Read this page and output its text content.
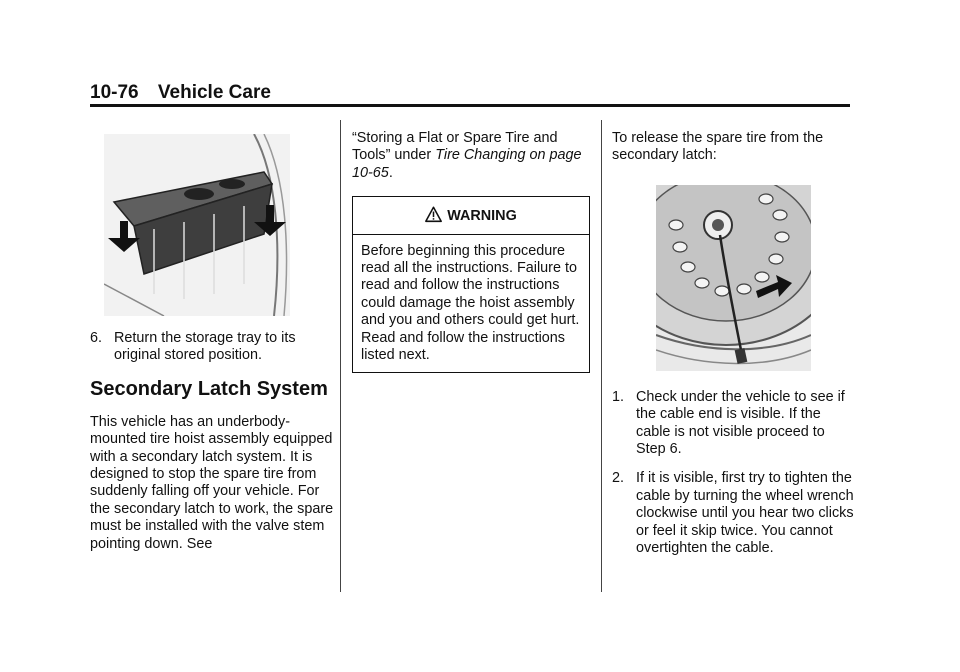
10-76 Vehicle Care
6. Return the storage tray to its original stored position.
Secondary Latch System

This vehicle has an underbody-mounted tire hoist assembly equipped with a secondary latch system. It is designed to stop the spare tire from suddenly falling off your vehicle. For the secondary latch to work, the spare must be installed with the valve stem pointing down. See

“Storing a Flat or Spare Tire and Tools” under Tire Changing on page 10-65.

WARNING
Before beginning this procedure read all the instructions. Failure to read and follow the instructions could damage the hoist assembly and you and others could get hurt. Read and follow the instructions listed next.

To release the spare tire from the secondary latch:

1. Check under the vehicle to see if the cable end is visible. If the cable is not visible proceed to Step 6.
2. If it is visible, first try to tighten the cable by turning the wheel wrench clockwise until you hear two clicks or feel it skip twice. You cannot overtighten the cable.
